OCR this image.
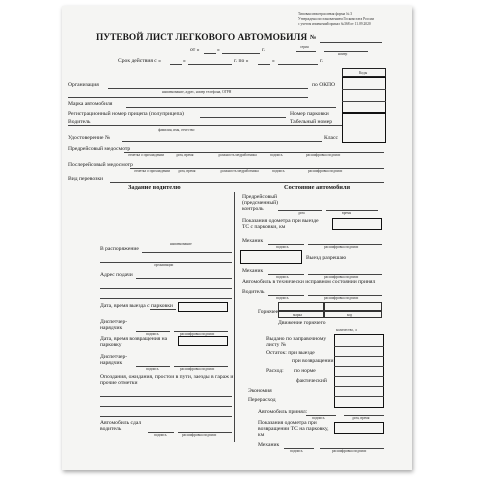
Типовая межотраслевая форма № 3
Утверждена постановлением Госкомстата России
с учетом изменений приказ №368 от 11.09.2020
ПУТЕВОЙ ЛИСТ ЛЕГКОВОГО АВТОМОБИЛЯ №
от «	»	г.	серия
номер
Срок действия с «	»	г. по «	»	г.
Коды
Организация
наименование, адрес, номер телефона, ОГРН
по ОКПО
Марка автомобиля
Регистрационный номер прицепа (полуприцепа)	Номер парковки
Водитель	Табельный номер
фамилия, имя, отчество
Удостоверение №	Класс
Предрейсовый медосмотр
отметка о прохождении	дата, время	должность медработника	подпись	расшифровка подписи
Послерейсовый медосмотр
отметка о прохождении дата, время	должность медработника	подпись	расшифровка подписи
Вид перевозки
Задание водителю	Состояние автомобиля
В распоряжение
наименование
организации
Адрес подачи
Дата, время выезда с парковки
Диспетчер-нарядчик
подпись	расшифровка подписи
Дата, время возвращения на парковку
Диспетчер-нарядчик
подпись	расшифровка подписи
Опоздания, ожидания, простои в пути, заезды в гараж и прочие отметки
Автомобиль сдал водитель
подпись	расшифровка подписи
Предрейсовый (предсменный) контроль
дата	время
Показания одометра при выезде ТС с парковки, км
Механик
подпись	расшифровка подписи
Выезд разрешаю
Механик
подпись	расшифровка подписи
Автомобиль в технически исправном состоянии принял
Водитель
подпись	расшифровка подписи
Горючее	марка	код
Движение горючего
количество, л
Выдано по заправочному листу №
Остаток: при выезде
при возвращении
Расход: по норме
фактический
Экономия
Перерасход
Автомобиль принял:
подпись	дата, время
Показания одометра при возвращении ТС на парковку, км
Механик
подпись	расшифровка подписи
